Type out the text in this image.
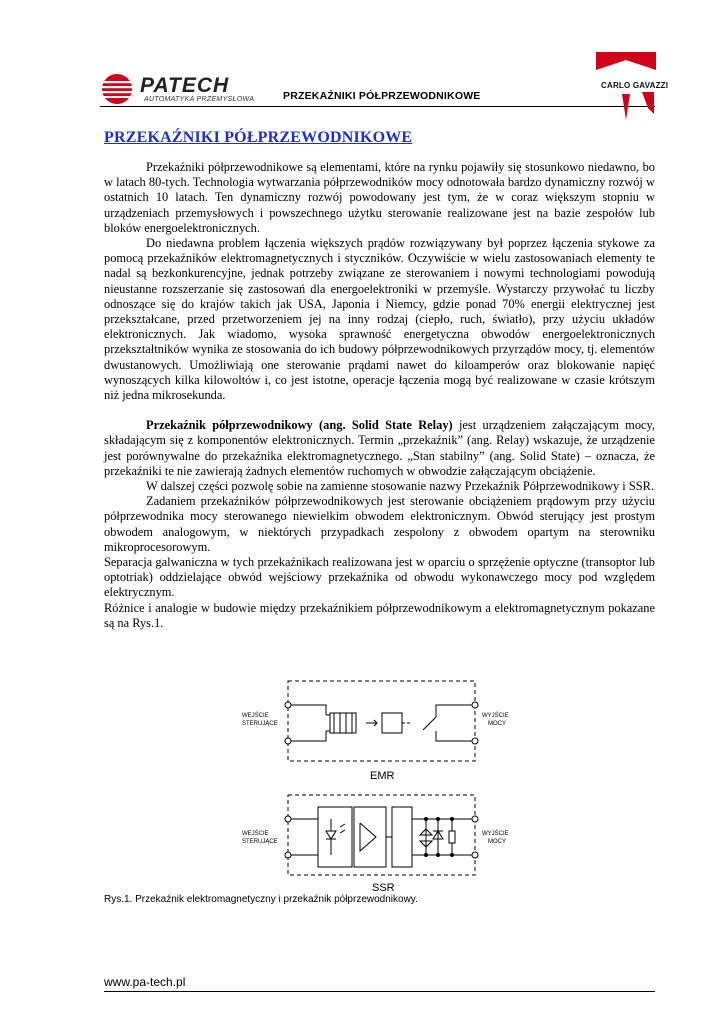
PATECH
AUTOMATYKA PRZEMYSŁOWA	PRZEKAŹNIKI PÓŁPRZEWODNIKOWE
CARLO GAVAZZI
PRZEKAŹNIKI PÓŁPRZEWODNIKOWE

Przekaźniki półprzewodnikowe są elementami, które na rynku pojawiły się stosunkowo niedawno, bo w latach 80-tych. Technologia wytwarzania półprzewodników mocy odnotowała bardzo dynamiczny rozwój w ostatnich 10 latach. Ten dynamiczny rozwój powodowany jest tym, że w coraz większym stopniu w urządzeniach przemysłowych i powszechnego użytku sterowanie realizowane jest na bazie zespołów lub bloków energoelektronicznych.

Do niedawna problem łączenia większych prądów rozwiązywany był poprzez łączenia stykowe za pomocą przekaźników elektromagnetycznych i styczników. Oczywiście w wielu zastosowaniach elementy te nadal są bezkonkurencyjne, jednak potrzeby związane ze sterowaniem i nowymi technologiami powodują nieustanne rozszerzanie się zastosowań dla energoelektroniki w przemyśle. Wystarczy przywołać tu liczby odnoszące się do krajów takich jak USA, Japonia i Niemcy, gdzie ponad 70% energii elektrycznej jest przekształcane, przed przetworzeniem jej na inny rodzaj (ciepło, ruch, światło), przy użyciu układów elektronicznych. Jak wiadomo, wysoka sprawność energetyczna obwodów energoelektronicznych przekształtników wynika ze stosowania do ich budowy półprzewodnikowych przyrządów mocy, tj. elementów dwustanowych. Umożliwiają one sterowanie prądami nawet do kiloamperów oraz blokowanie napięć wynoszących kilka kilowoltów i, co jest istotne, operacje łączenia mogą być realizowane w czasie krótszym niż jedna mikrosekunda.

Przekaźnik półprzewodnikowy (ang. Solid State Relay) jest urządzeniem załączającym mocy, składającym się z komponentów elektronicznych. Termin „przekaźnik” (ang. Relay) wskazuje, że urządzenie jest porównywalne do przekaźnika elektromagnetycznego. „Stan stabilny” (ang. Solid State) – oznacza, że przekaźniki te nie zawierają żadnych elementów ruchomych w obwodzie załączającym obciążenie.

W dalszej części pozwolę sobie na zamienne stosowanie nazwy Przekaźnik Półprzewodnikowy i SSR.

Zadaniem przekaźników półprzewodnikowych jest sterowanie obciążeniem prądowym przy użyciu półprzewodnika mocy sterowanego niewielkim obwodem elektronicznym. Obwód sterujący jest prostym obwodem analogowym, w niektórych przypadkach zespolony z obwodem opartym na sterowniku mikroprocesorowym.

Separacja galwaniczna w tych przekaźnikach realizowana jest w oparciu o sprzężenie optyczne (transoptor lub optotriak) oddzielające obwód wejściowy przekaźnika od obwodu wykonawczego mocy pod względem elektrycznym.

Różnice i analogie w budowie między przekaźnikiem półprzewodnikowym a elektromagnetycznym pokazane są na Rys.1.

WEJŚCIE
STERUJĄCE
WYJŚCIE
MOCY
EMR
WEJŚCIE
STERUJĄCE
WYJŚCIE
MOCY
SSR
Rys.1. Przekaźnik elektromagnetyczny i przekaźnik półprzewodnikowy.
www.pa-tech.pl
